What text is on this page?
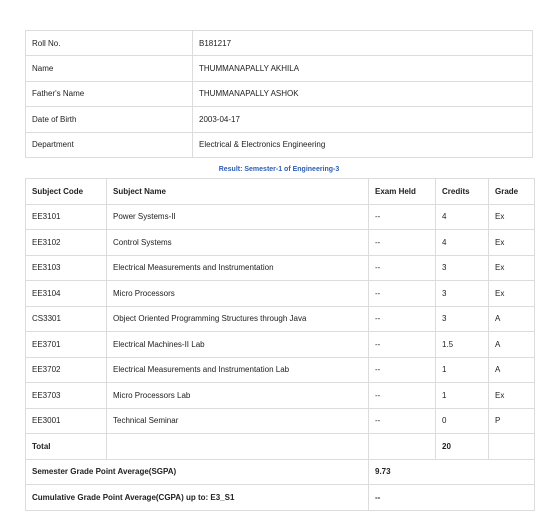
Roll No.	B181217
Name	THUMMANAPALLY AKHILA
Father's Name	THUMMANAPALLY ASHOK
Date of Birth	2003-04-17
Department	Electrical & Electronics Engineering
Result: Semester-1 of Engineering-3
Subject Code	Subject Name	Exam Held	Credits	Grade
EE3101	Power Systems-II	--	4	Ex
EE3102	Control Systems	--	4	Ex
EE3103	Electrical Measurements and Instrumentation	--	3	Ex
EE3104	Micro Processors	--	3	Ex
CS3301	Object Oriented Programming Structures through Java	--	3	A
EE3701	Electrical Machines-II Lab	--	1.5	A
EE3702	Electrical Measurements and Instrumentation Lab	--	1	A
EE3703	Micro Processors Lab	--	1	Ex
EE3001	Technical Seminar	--	0	P
Total			20	
Semester Grade Point Average(SGPA)		9.73		
Cumulative Grade Point Average(CGPA) up to: E3_S1		--		
